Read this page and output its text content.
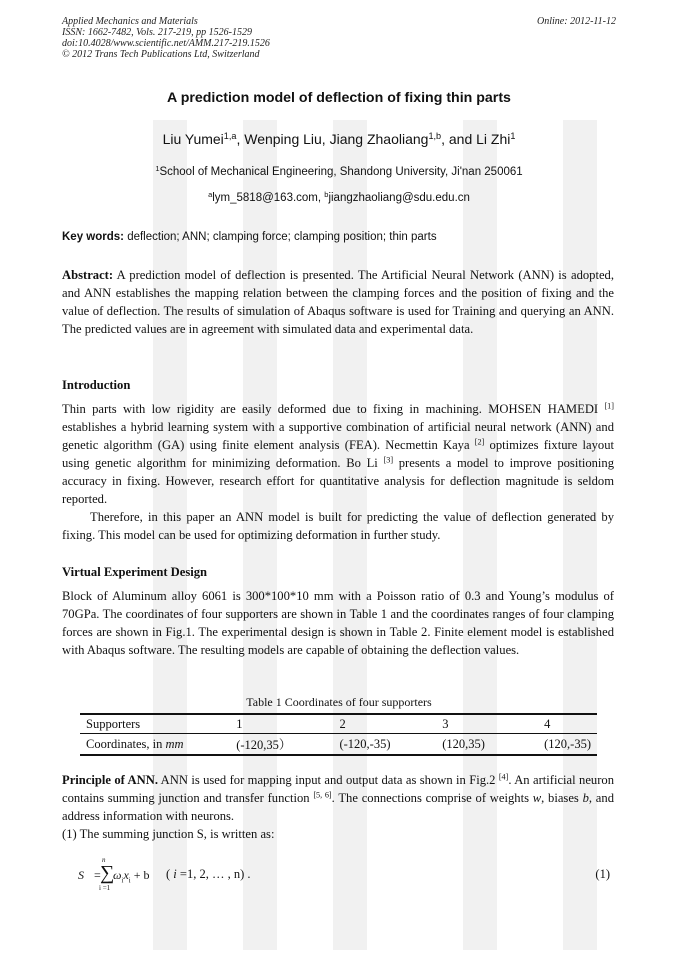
Applied Mechanics and Materials
ISSN: 1662-7482, Vols. 217-219, pp 1526-1529
doi:10.4028/www.scientific.net/AMM.217-219.1526
© 2012 Trans Tech Publications Ltd, Switzerland
Online: 2012-11-12
A prediction model of deflection of fixing thin parts
Liu Yumei$^{1,a}$, Wenping Liu, Jiang Zhaoliang$^{1,b}$, and Li Zhi$^1$
$^1$School of Mechanical Engineering, Shandong University, Ji'nan 250061
$^a$lym_5818@163.com, $^b$jiangzhaoliang@sdu.edu.cn
Key words: deflection; ANN; clamping force; clamping position; thin parts
Abstract: A prediction model of deflection is presented. The Artificial Neural Network (ANN) is adopted, and ANN establishes the mapping relation between the clamping forces and the position of fixing and the value of deflection. The results of simulation of Abaqus software is used for Training and querying an ANN. The predicted values are in agreement with simulated data and experimental data.
Introduction
Thin parts with low rigidity are easily deformed due to fixing in machining. MOHSEN HAMEDI [1] establishes a hybrid learning system with a supportive combination of artificial neural network (ANN) and genetic algorithm (GA) using finite element analysis (FEA). Necmettin Kaya [2] optimizes fixture layout using genetic algorithm for minimizing deformation. Bo Li [3] presents a model to improve positioning accuracy in fixing. However, research effort for quantitative analysis for deflection magnitude is seldom reported.
Therefore, in this paper an ANN model is built for predicting the value of deflection generated by fixing. This model can be used for optimizing deformation in further study.
Virtual Experiment Design
Block of Aluminum alloy 6061 is 300*100*10 mm with a Poisson ratio of 0.3 and Young’s modulus of 70GPa. The coordinates of four supporters are shown in Table 1 and the coordinates ranges of four clamping forces are shown in Fig.1. The experimental design is shown in Table 2. Finite element model is established with Abaqus software. The resulting models are capable of obtaining the deflection values.
Table 1 Coordinates of four supporters
Supporters	1	2	3	4
Coordinates, in mm	(-120,35）	(-120,-35)	(120,35)	(120,-35)
Principle of ANN. ANN is used for mapping input and output data as shown in Fig.2 [4]. An artificial neuron contains summing junction and transfer function [5, 6]. The connections comprise of weights w, biases b, and address information with neurons.
(1) The summing junction S, is written as:
S =
n
∑
i =1
$\omega_ix_i + b$ ( i =1, 2, … , n) .	(1)
